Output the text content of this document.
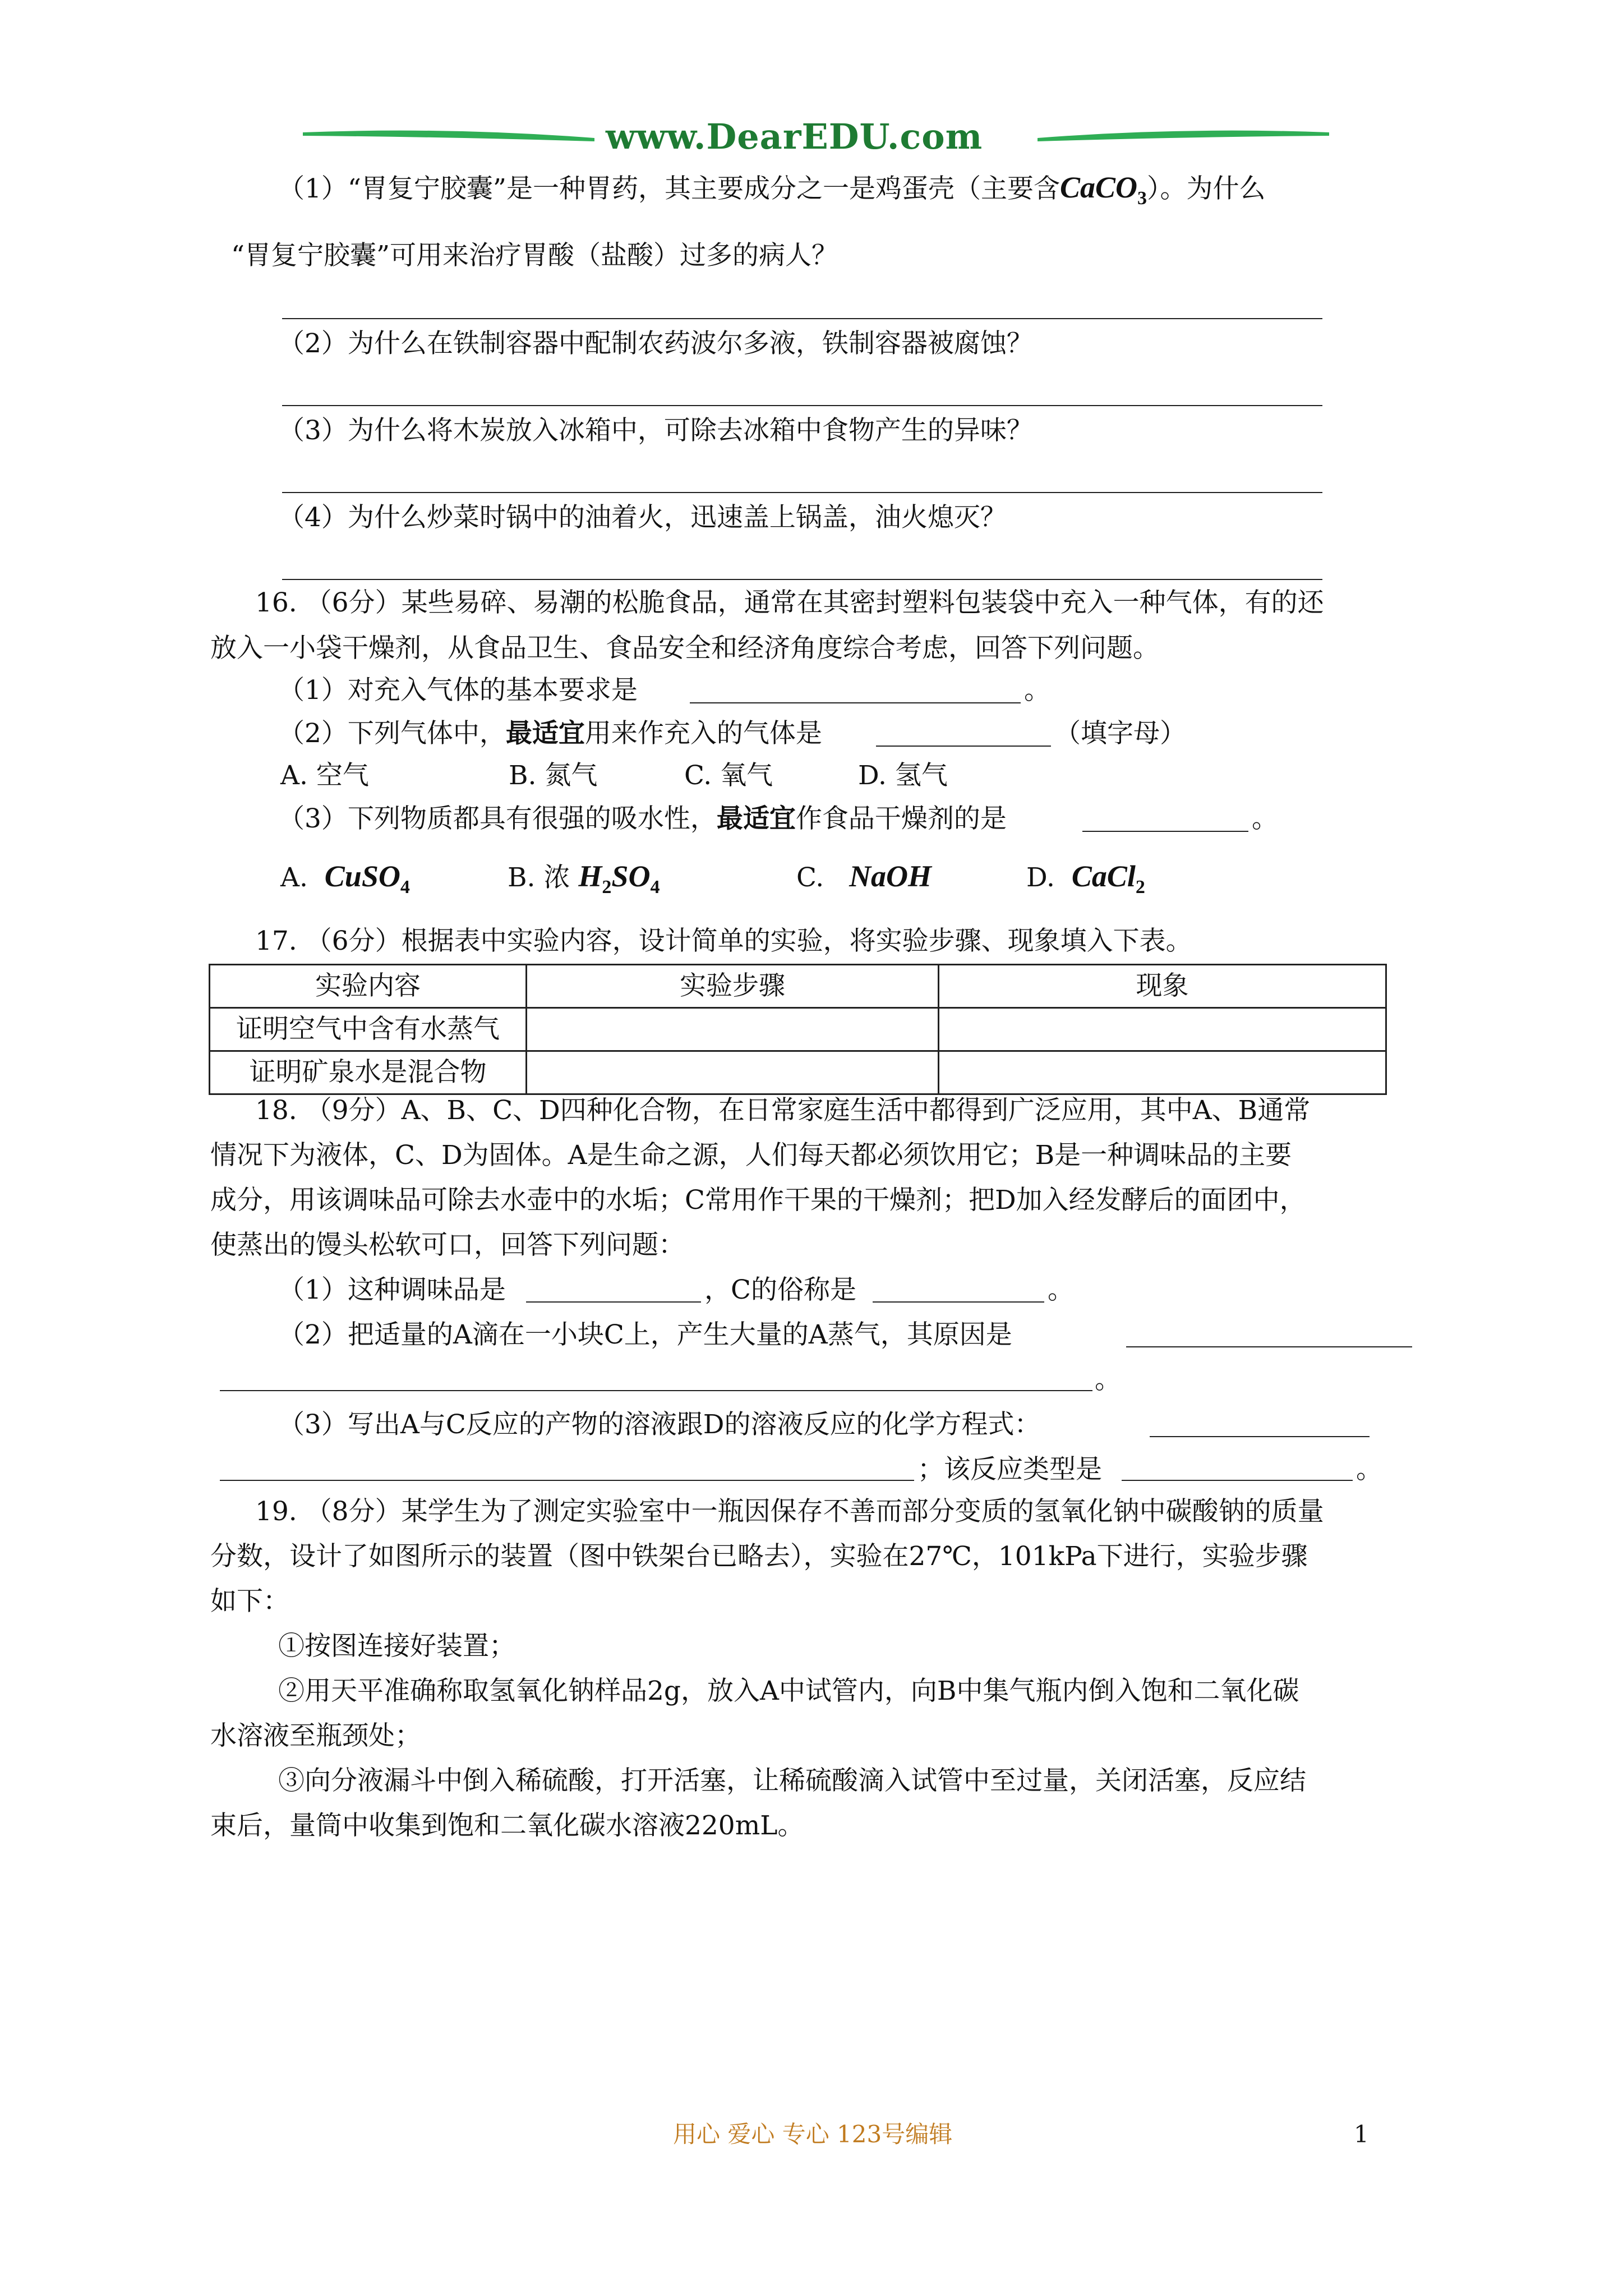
www.DearEDU.com
（1）“胃复宁胶囊”是一种胃药，其主要成分之一是鸡蛋壳（主要含CaCO$_3$）。为什么
“胃复宁胶囊”可用来治疗胃酸（盐酸）过多的病人？
（2）为什么在铁制容器中配制农药波尔多液，铁制容器被腐蚀？
（3）为什么将木炭放入冰箱中，可除去冰箱中食物产生的异味？
（4）为什么炒菜时锅中的油着火，迅速盖上锅盖，油火熄灭？
16. （6分）某些易碎、易潮的松脆食品，通常在其密封塑料包装袋中充入一种气体，有的还
放入一小袋干燥剂，从食品卫生、食品安全和经济角度综合考虑，回答下列问题。
（1）对充入气体的基本要求是	。
（2）下列气体中，最适宜用来作充入的气体是	（填字母）
A. 空气	B. 氮气	C. 氧气	D. 氢气
（3）下列物质都具有很强的吸水性，最适宜作食品干燥剂的是	。
A. CuSO$_4$	B. 浓 $H_2SO_4$	C. NaOH	D. CaCl$_2$
17. （6分）根据表中实验内容，设计简单的实验，将实验步骤、现象填入下表。
实验内容	实验步骤	现象
证明空气中含有水蒸气		
证明矿泉水是混合物		
18. （9分）A、B、C、D四种化合物，在日常家庭生活中都得到广泛应用，其中A、B通常
情况下为液体，C、D为固体。A是生命之源，人们每天都必须饮用它；B是一种调味品的主要
成分，用该调味品可除去水壶中的水垢；C常用作干果的干燥剂；把D加入经发酵后的面团中，
使蒸出的馒头松软可口，回答下列问题：
（1）这种调味品是	，C的俗称是	。
（2）把适量的A滴在一小块C上，产生大量的A蒸气，其原因是
。
（3）写出A与C反应的产物的溶液跟D的溶液反应的化学方程式：
；该反应类型是	。
19. （8分）某学生为了测定实验室中一瓶因保存不善而部分变质的氢氧化钠中碳酸钠的质量
分数，设计了如图所示的装置（图中铁架台已略去），实验在27℃，101kPa下进行，实验步骤
如下：
①按图连接好装置；
②用天平准确称取氢氧化钠样品2g，放入A中试管内，向B中集气瓶内倒入饱和二氧化碳
水溶液至瓶颈处；
③向分液漏斗中倒入稀硫酸，打开活塞，让稀硫酸滴入试管中至过量，关闭活塞，反应结
束后，量筒中收集到饱和二氧化碳水溶液220mL。
用心 爱心 专心 123号编辑	1
